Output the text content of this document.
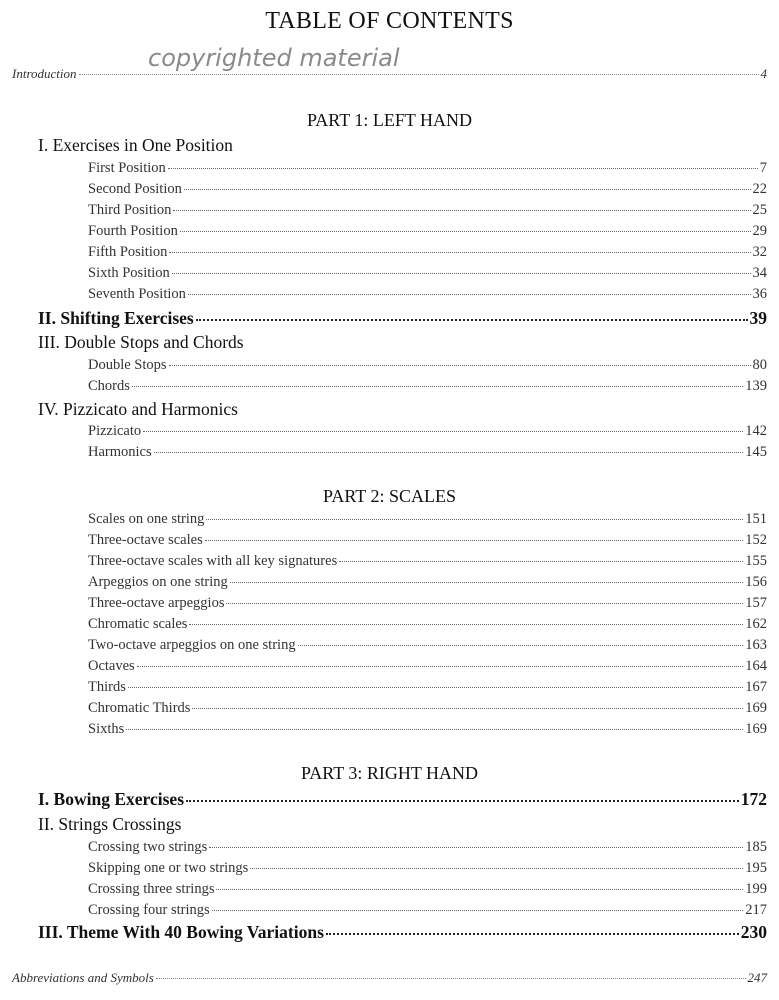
TABLE OF CONTENTS
copyrighted material
Introduction	4
PART 1: LEFT HAND
I. Exercises in One Position
First Position	7
Second Position	22
Third Position	25
Fourth Position	29
Fifth Position	32
Sixth Position	34
Seventh Position	36
II. Shifting Exercises	39
III. Double Stops and Chords
Double Stops	80
Chords	139
IV. Pizzicato and Harmonics
Pizzicato	142
Harmonics	145
PART 2: SCALES
Scales on one string	151
Three-octave scales	152
Three-octave scales with all key signatures	155
Arpeggios on one string	156
Three-octave arpeggios	157
Chromatic scales	162
Two-octave arpeggios on one string	163
Octaves	164
Thirds	167
Chromatic Thirds	169
Sixths	169
PART 3: RIGHT HAND
I. Bowing Exercises	172
II. Strings Crossings
Crossing two strings	185
Skipping one or two strings	195
Crossing three strings	199
Crossing four strings	217
III. Theme With 40 Bowing Variations	230
Abbreviations and Symbols	247
